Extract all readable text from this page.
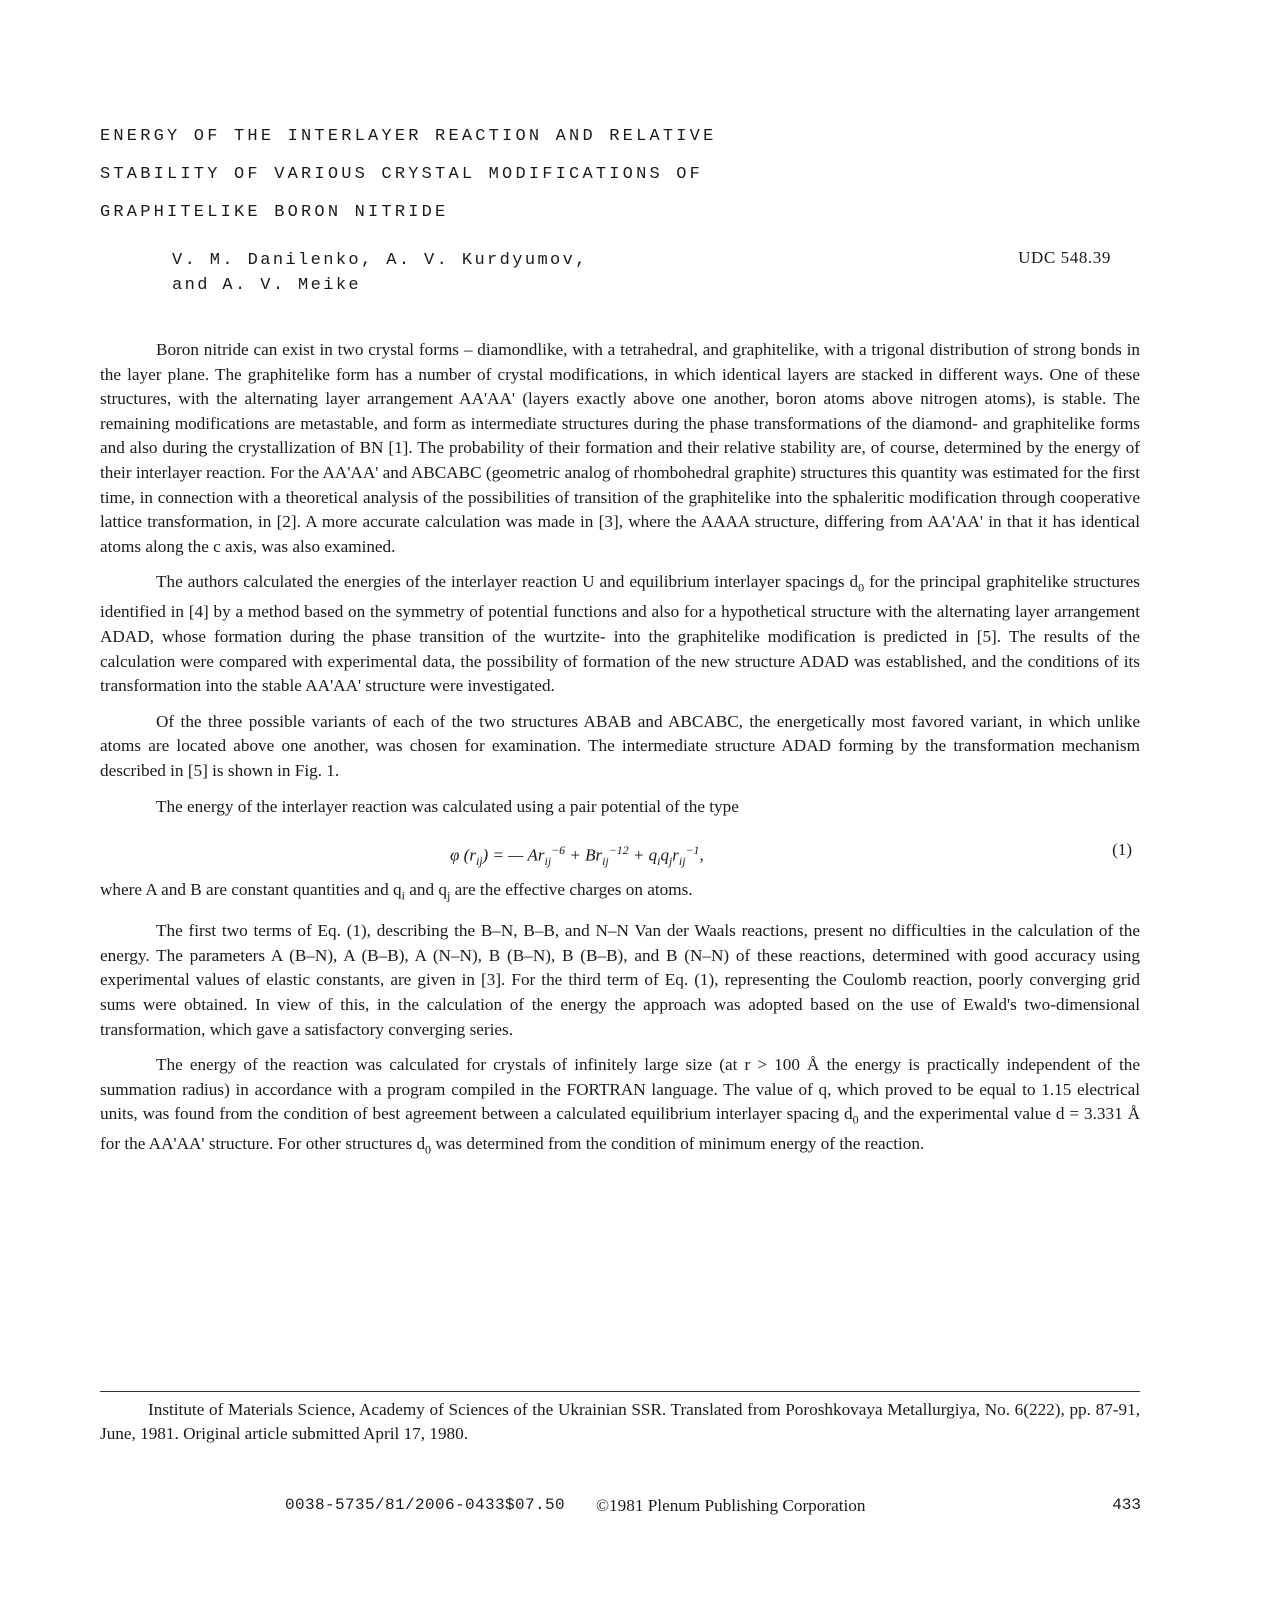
ENERGY OF THE INTERLAYER REACTION AND RELATIVE
STABILITY OF VARIOUS CRYSTAL MODIFICATIONS OF
GRAPHITELIKE BORON NITRIDE
V. M. Danilenko, A. V. Kurdyumov,
and A. V. Meike
UDC 548.39

Boron nitride can exist in two crystal forms – diamondlike, with a tetrahedral, and graphitelike, with a trigonal distribution of strong bonds in the layer plane. The graphitelike form has a number of crystal modifications, in which identical layers are stacked in different ways. One of these structures, with the alternating layer arrangement AA'AA' (layers exactly above one another, boron atoms above nitrogen atoms), is stable. The remaining modifications are metastable, and form as intermediate structures during the phase transformations of the diamond- and graphitelike forms and also during the crystallization of BN [1]. The probability of their formation and their relative stability are, of course, determined by the energy of their interlayer reaction. For the AA'AA' and ABCABC (geometric analog of rhombohedral graphite) structures this quantity was estimated for the first time, in connection with a theoretical analysis of the possibilities of transition of the graphitelike into the sphaleritic modification through cooperative lattice transformation, in [2]. A more accurate calculation was made in [3], where the AAAA structure, differing from AA'AA' in that it has identical atoms along the c axis, was also examined.

The authors calculated the energies of the interlayer reaction U and equilibrium interlayer spacings $d_0$ for the principal graphitelike structures identified in [4] by a method based on the symmetry of potential functions and also for a hypothetical structure with the alternating layer arrangement ADAD, whose formation during the phase transition of the wurtzite- into the graphitelike modification is predicted in [5]. The results of the calculation were compared with experimental data, the possibility of formation of the new structure ADAD was established, and the conditions of its transformation into the stable AA'AA' structure were investigated.

Of the three possible variants of each of the two structures ABAB and ABCABC, the energetically most favored variant, in which unlike atoms are located above one another, was chosen for examination. The intermediate structure ADAD forming by the transformation mechanism described in [5] is shown in Fig. 1.

The energy of the interlayer reaction was calculated using a pair potential of the type

φ $(r_{ij})$ = — $Ar_{ij}^{-6} + Br_{ij}^{-12} + q_iq_jr_{ij}^{-1}$,	(1)

where A and B are constant quantities and $q_i$ and $q_j$ are the effective charges on atoms.

The first two terms of Eq. (1), describing the B–N, B–B, and N–N Van der Waals reactions, present no difficulties in the calculation of the energy. The parameters A (B–N), A (B–B), A (N–N), B (B–N), B (B–B), and B (N–N) of these reactions, determined with good accuracy using experimental values of elastic constants, are given in [3]. For the third term of Eq. (1), representing the Coulomb reaction, poorly converging grid sums were obtained. In view of this, in the calculation of the energy the approach was adopted based on the use of Ewald's two-dimensional transformation, which gave a satisfactory converging series.

The energy of the reaction was calculated for crystals of infinitely large size (at r > 100 Å the energy is practically independent of the summation radius) in accordance with a program compiled in the FORTRAN language. The value of q, which proved to be equal to 1.15 electrical units, was found from the condition of best agreement between a calculated equilibrium interlayer spacing $d_0$ and the experimental value d = 3.331 Å for the AA'AA' structure. For other structures $d_0$ was determined from the condition of minimum energy of the reaction.

Institute of Materials Science, Academy of Sciences of the Ukrainian SSR. Translated from Poroshkovaya Metallurgiya, No. 6(222), pp. 87-91, June, 1981. Original article submitted April 17, 1980.
0038-5735/81/2006-0433$07.50 ©1981 Plenum Publishing Corporation	433
